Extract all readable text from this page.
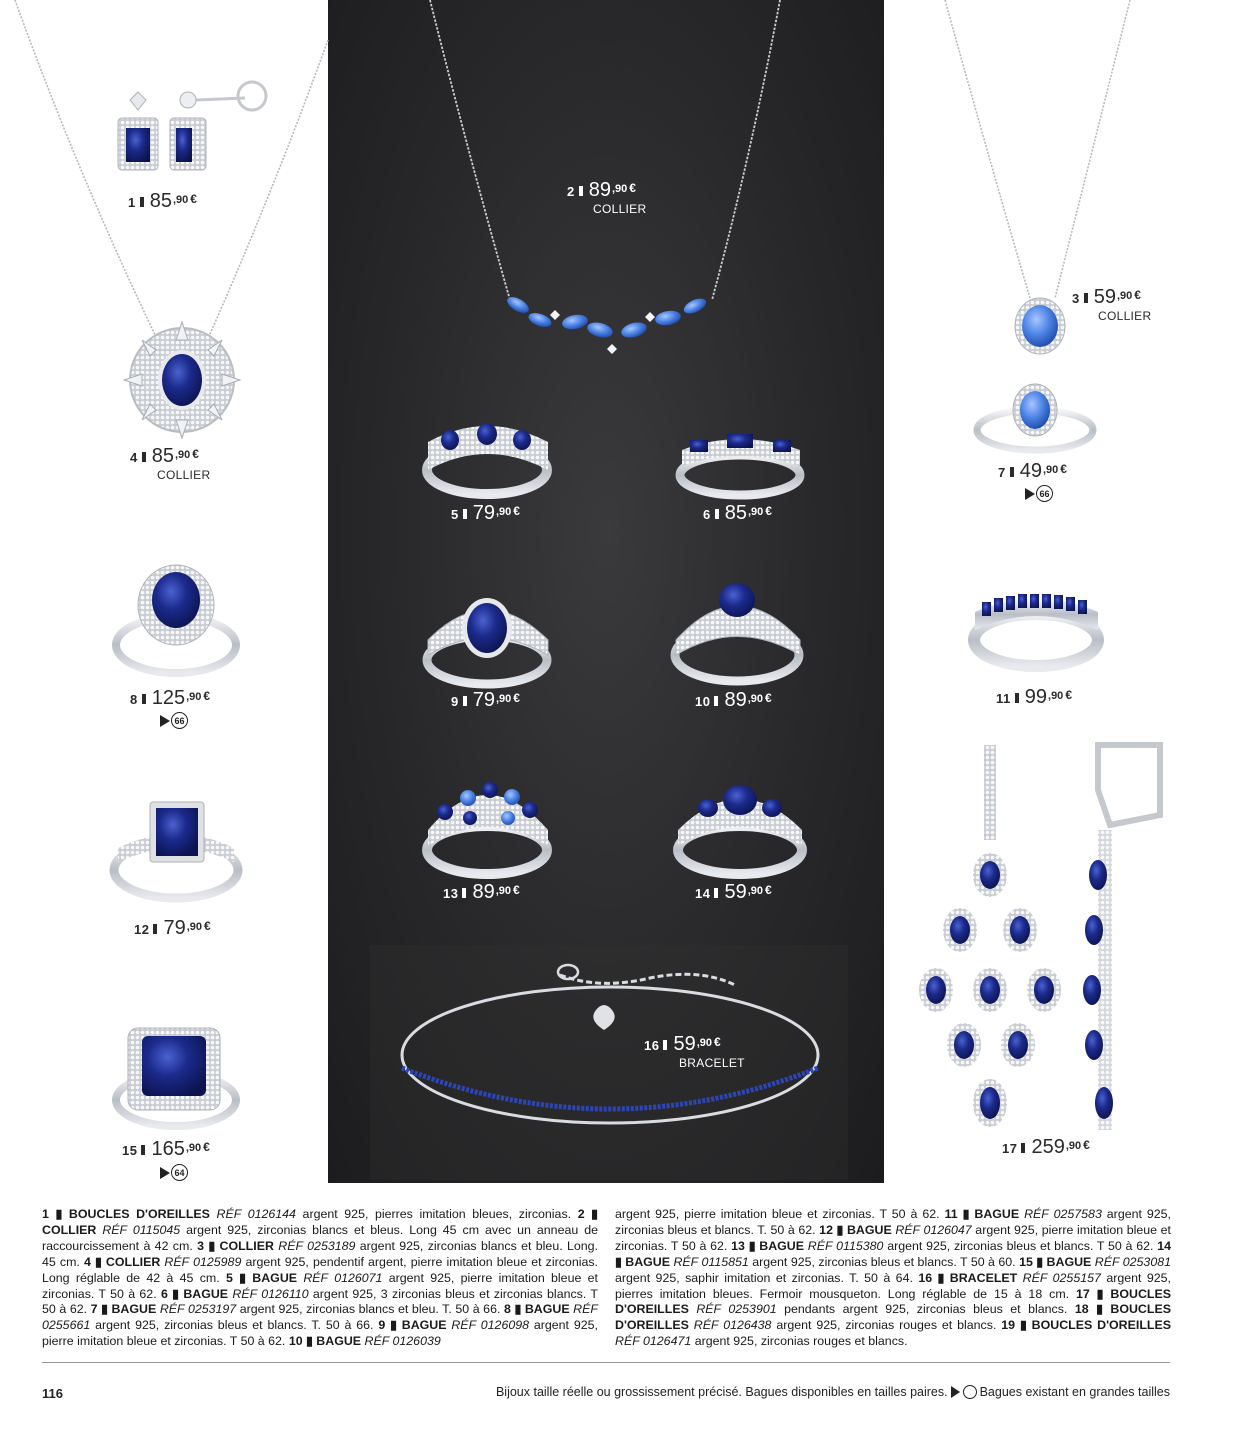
1 $85^{,90}$ €	2 $89^{,90}$ €
COLLIER
3 $59^{,90}$ €
COLLIER
4 $85^{,90}$ €
COLLIER
5 $79^{,90}$ €	6 $85^{,90}$ €
7 $49^{,90}$ €
66
8 $125^{,90}$ €
66
9 $79^{,90}$ €	10 $89^{,90}$ €	11 $99^{,90}$ €
12 $79^{,90}$ €
13 $89^{,90}$ €	14 $59^{,90}$ €
15 $165^{,90}$ €
64
16 $59^{,90}$ €
BRACELET
17 $259^{,90}$ €
1 ▮ BOUCLES D'OREILLES RÉF 0126144 argent 925, pierres imitation bleues, zirconias. 2 ▮ COLLIER RÉF 0115045 argent 925, zirconias blancs et bleus. Long 45 cm avec un anneau de raccourcissement à 42 cm. 3 ▮ COLLIER RÉF 0253189 argent 925, zirconias blancs et bleu. Long. 45 cm. 4 ▮ COLLIER RÉF 0125989 argent 925, pendentif argent, pierre imitation bleue et zirconias. Long réglable de 42 à 45 cm. 5 ▮ BAGUE RÉF 0126071 argent 925, pierre imitation bleue et zirconias. T 50 à 62. 6 ▮ BAGUE RÉF 0126110 argent 925, 3 zirconias bleus et zirconias blancs. T 50 à 62. 7 ▮ BAGUE RÉF 0253197 argent 925, zirconias blancs et bleu. T. 50 à 66. 8 ▮ BAGUE RÉF 0255661 argent 925, zirconias bleus et blancs. T. 50 à 66. 9 ▮ BAGUE RÉF 0126098 argent 925, pierre imitation bleue et zirconias. T 50 à 62. 10 ▮ BAGUE RÉF 0126039
argent 925, pierre imitation bleue et zirconias. T 50 à 62. 11 ▮ BAGUE RÉF 0257583 argent 925, zirconias bleus et blancs. T. 50 à 62. 12 ▮ BAGUE RÉF 0126047 argent 925, pierre imitation bleue et zirconias. T 50 à 62. 13 ▮ BAGUE RÉF 0115380 argent 925, zirconias bleus et blancs. T 50 à 62. 14 ▮ BAGUE RÉF 0115851 argent 925, zirconias bleus et blancs. T 50 à 60. 15 ▮ BAGUE RÉF 0253081 argent 925, saphir imitation et zirconias. T. 50 à 64. 16 ▮ BRACELET RÉF 0255157 argent 925, pierres imitation bleues. Fermoir mousqueton. Long réglable de 15 à 18 cm. 17 ▮ BOUCLES D'OREILLES RÉF 0253901 pendants argent 925, zirconias bleus et blancs. 18 ▮ BOUCLES D'OREILLES RÉF 0126438 argent 925, zirconias rouges et blancs. 19 ▮ BOUCLES D'OREILLES RÉF 0126471 argent 925, zirconias rouges et blancs.
116	Bijoux taille réelle ou grossissement précisé. Bagues disponibles en tailles paires.	Bagues existant en grandes tailles
